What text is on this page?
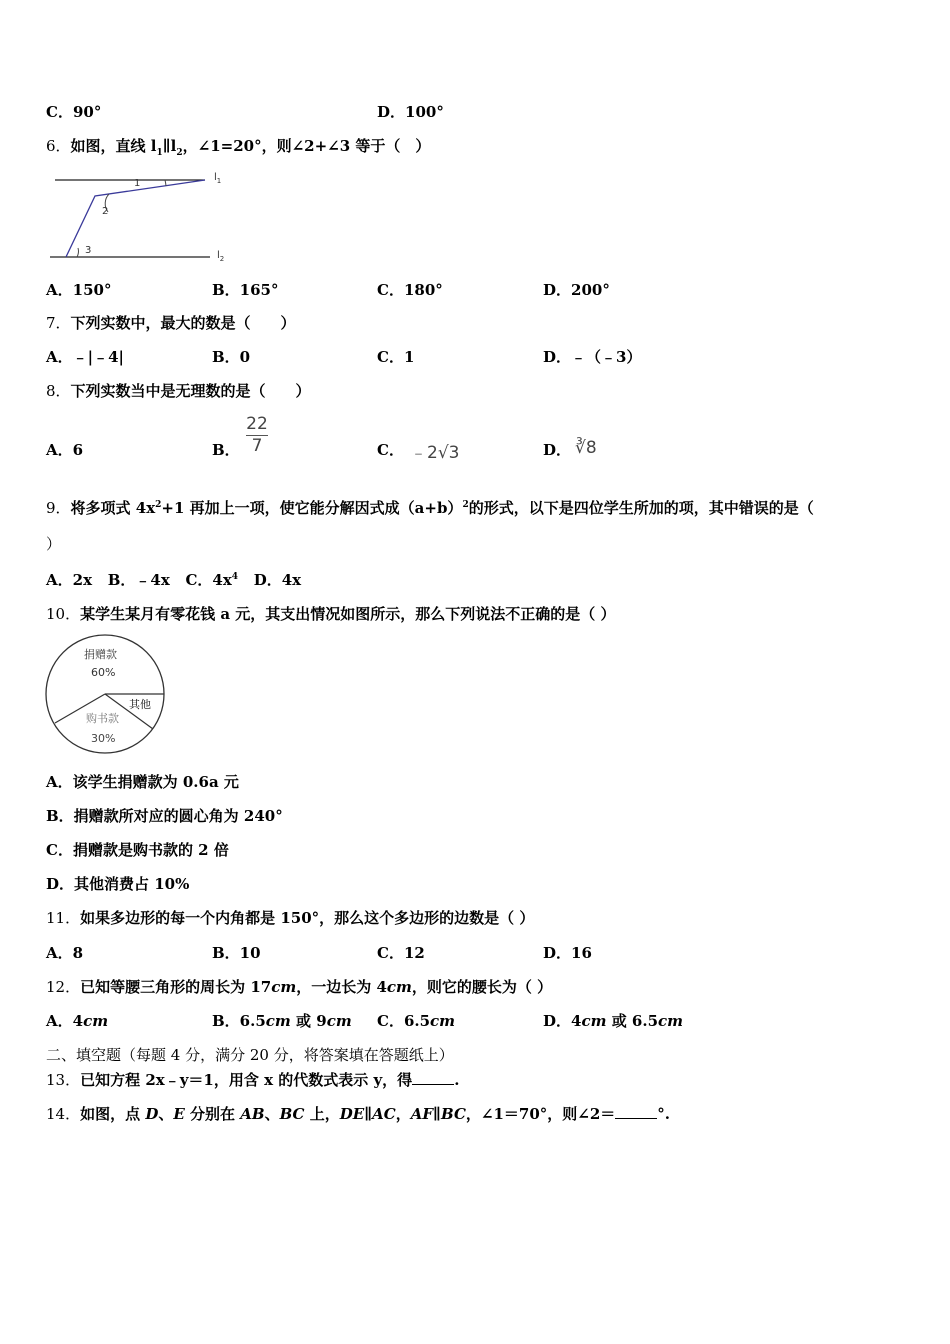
C．90°	D．100°
6．如图，直线 $l_1\parallel l_2$，∠1=20°，则∠2+∠3 等于（　）
1
2
3
$l_1$
$l_2$
A．150°	B．165°	C．180°	D．200°
7．下列实数中，最大的数是（　　）
A．﹣|﹣4|	B．0	C．1	D．﹣（﹣3）
8．下列实数当中是无理数的是（　　）
A．6	B．
22
7	C． ﹣2√3	D． ∛8
9．将多项式 $4x^2+1$ 再加上一项，使它能分解因式成$(a+b)^2$的形式，以下是四位学生所加的项，其中错误的是（
）
A．2x B．﹣4x C．$4x^4$ D．4x
10．某学生某月有零花钱 a 元，其支出情况如图所示，那么下列说法不正确的是（ ）
捐赠款
60%
其他
购书款
30%
A．该学生捐赠款为 0.6a 元
B．捐赠款所对应的圆心角为 240°
C．捐赠款是购书款的 2 倍
D．其他消费占 10%
11．如果多边形的每一个内角都是 150°，那么这个多边形的边数是（ ）
A．8	B．10	C．12	D．16
12．已知等腰三角形的周长为 17cm，一边长为 4cm，则它的腰长为（ ）
A．4cm	B．6.5cm 或 9cm C．6.5cm	D．4cm 或 6.5cm
二、填空题（每题 4 分，满分 20 分，将答案填在答题纸上）
13．已知方程 2x﹣y＝1，用含 x 的代数式表示 y，得	.
14．如图，点 D、E 分别在 AB、BC 上，DE∥AC，AF∥BC，∠1＝70°，则∠2＝	°.
